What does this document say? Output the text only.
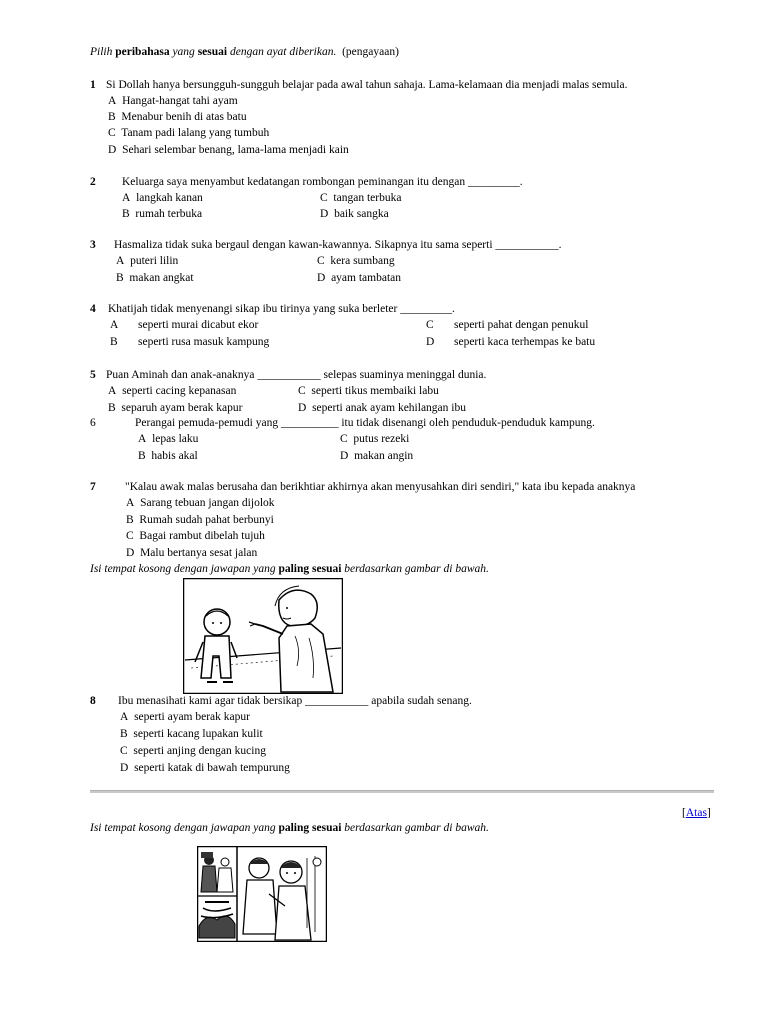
Pilih peribahasa yang sesuai dengan ayat diberikan. (pengayaan)
1 Si Dollah hanya bersungguh-sungguh belajar pada awal tahun sahaja. Lama-kelamaan dia menjadi malas semula.
A Hangat-hangat tahi ayam
B Menabur benih di atas batu
C Tanam padi lalang yang tumbuh
D Sehari selembar benang, lama-lama menjadi kain
2 Keluarga saya menyambut kedatangan rombongan peminangan itu dengan _________.
A langkah kanan	C tangan terbuka
B rumah terbuka	D baik sangka
3 Hasmaliza tidak suka bergaul dengan kawan-kawannya. Sikapnya itu sama seperti ___________.
A puteri lilin	C kera sumbang
B makan angkat	D ayam tambatan
4 Khatijah tidak menyenangi sikap ibu tirinya yang suka berleter _________.
A seperti murai dicabut ekor	C seperti pahat dengan penukul
B seperti rusa masuk kampung	D seperti kaca terhempas ke batu
5 Puan Aminah dan anak-anaknya ___________ selepas suaminya meninggal dunia.
A seperti cacing kepanasan	C seperti tikus membaiki labu
B separuh ayam berak kapur	D seperti anak ayam kehilangan ibu
6	Perangai pemuda-pemudi yang __________ itu tidak disenangi oleh penduduk-penduduk kampung.
A lepas laku	C putus rezeki
B habis akal	D makan angin
7	"Kalau awak malas berusaha dan berikhtiar akhirnya akan menyusahkan diri sendiri," kata ibu kepada anaknya
A Sarang tebuan jangan dijolok
B Rumah sudah pahat berbunyi
C Bagai rambut dibelah tujuh
D Malu bertanya sesat jalan
Isi tempat kosong dengan jawapan yang paling sesuai berdasarkan gambar di bawah.
8 Ibu menasihati kami agar tidak bersikap ___________ apabila sudah senang.
A seperti ayam berak kapur
B seperti kacang lupakan kulit
C seperti anjing dengan kucing
D seperti katak di bawah tempurung
[Atas]
Isi tempat kosong dengan jawapan yang paling sesuai berdasarkan gambar di bawah.
